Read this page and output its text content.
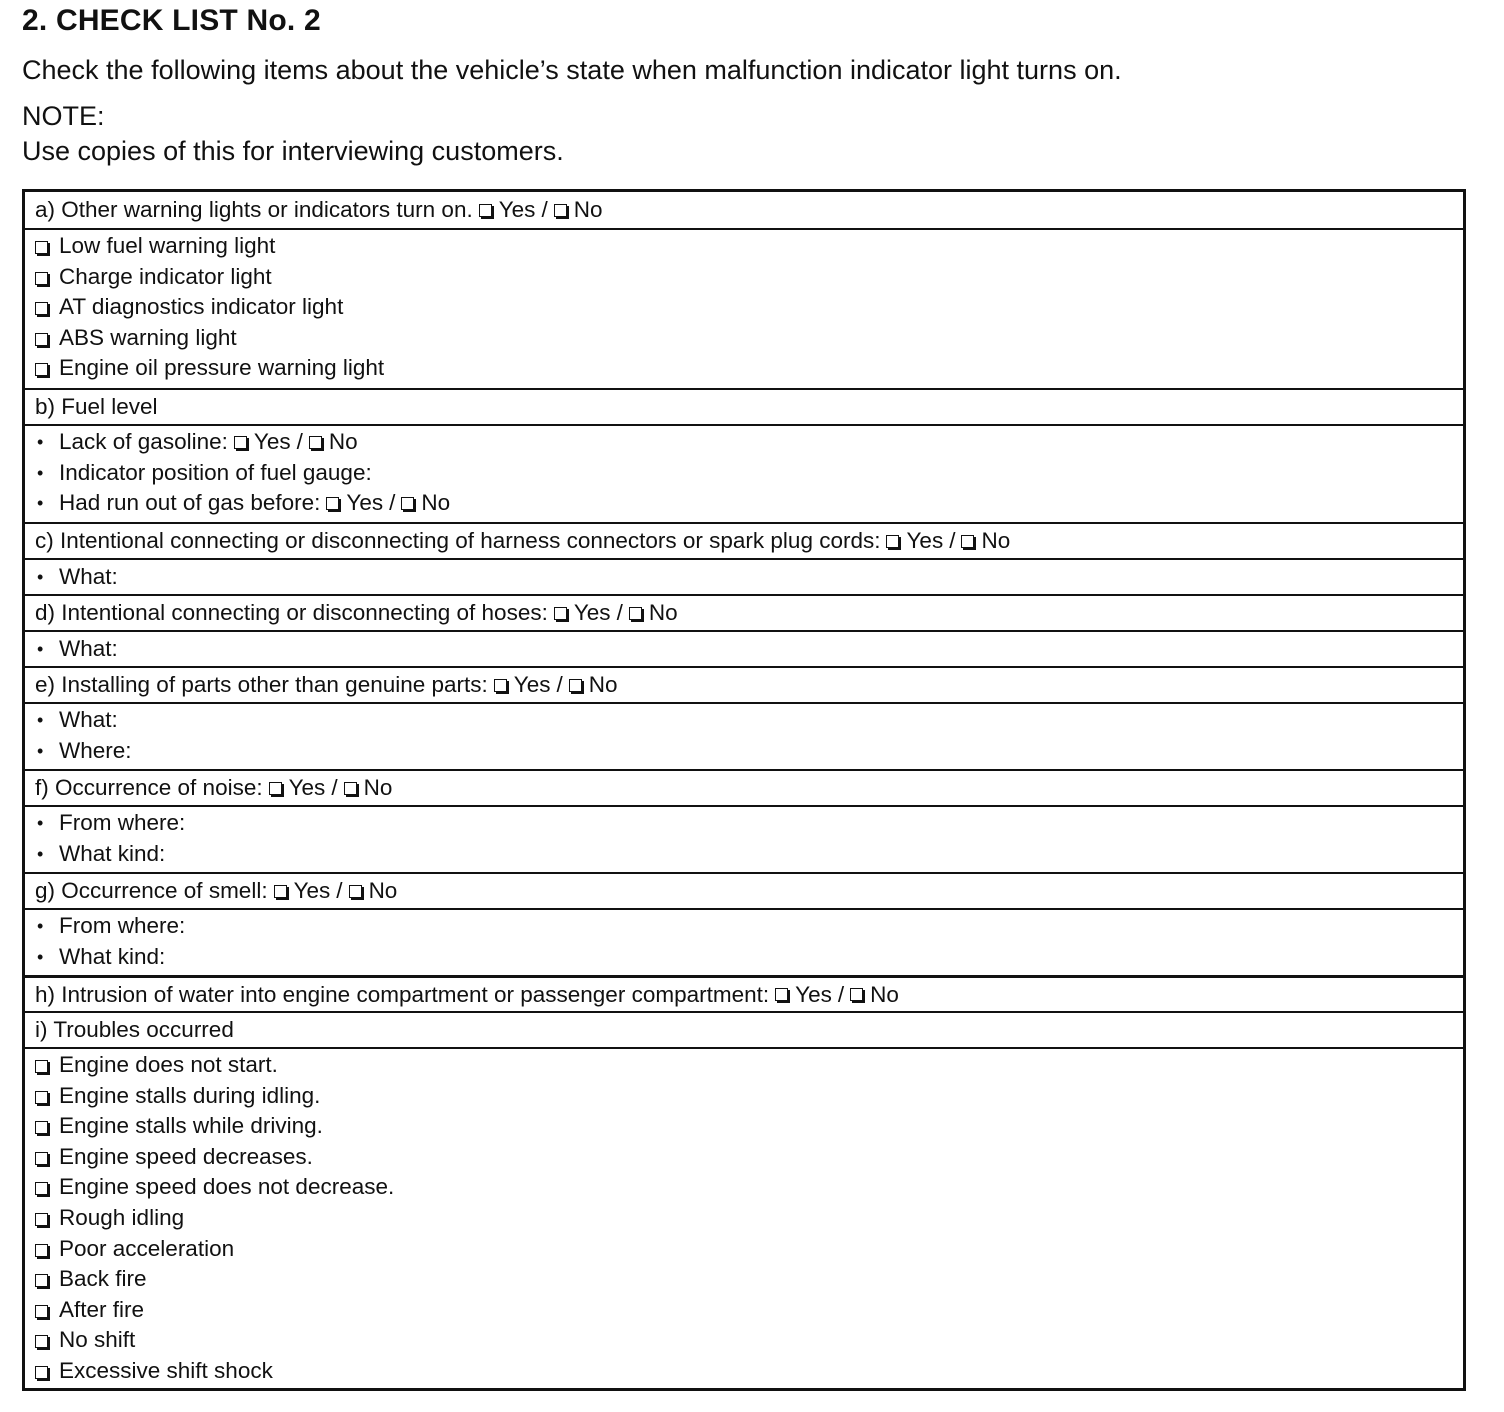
2. CHECK LIST No. 2

Check the following items about the vehicle’s state when malfunction indicator light turns on.

NOTE:

Use copies of this for interviewing customers.

a) Other warning lights or indicators turn on. Yes / No
Low fuel warning light
Charge indicator light
AT diagnostics indicator light
ABS warning light
Engine oil pressure warning light
b) Fuel level
• Lack of gasoline: Yes / No
• Indicator position of fuel gauge:
• Had run out of gas before: Yes / No
c) Intentional connecting or disconnecting of harness connectors or spark plug cords: Yes / No
• What:
d) Intentional connecting or disconnecting of hoses: Yes / No
• What:
e) Installing of parts other than genuine parts: Yes / No
• What:
• Where:
f) Occurrence of noise: Yes / No
• From where:
• What kind:
g) Occurrence of smell: Yes / No
• From where:
• What kind:
h) Intrusion of water into engine compartment or passenger compartment: Yes / No
i) Troubles occurred
Engine does not start.
Engine stalls during idling.
Engine stalls while driving.
Engine speed decreases.
Engine speed does not decrease.
Rough idling
Poor acceleration
Back fire
After fire
No shift
Excessive shift shock
